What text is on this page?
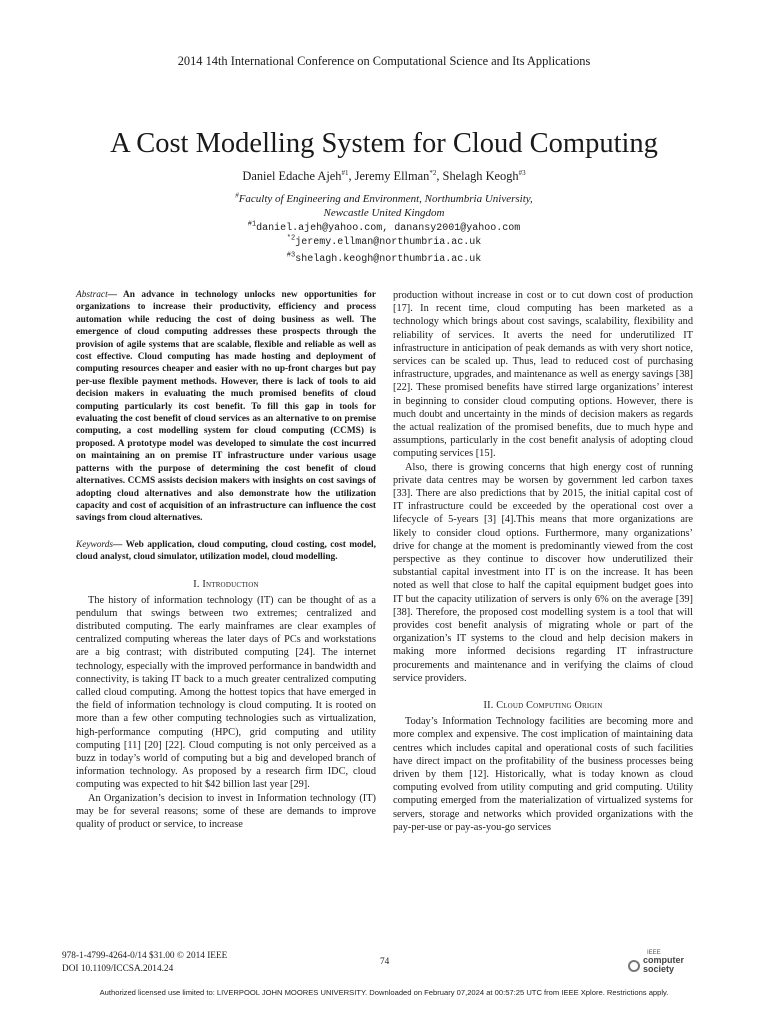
2014 14th International Conference on Computational Science and Its Applications
A Cost Modelling System for Cloud Computing
Daniel Edache Ajeh$^{\#1}$, Jeremy Ellman$^{*2}$, Shelagh Keogh$^{\#3}$
#Faculty of Engineering and Environment, Northumbria University,
Newcastle United Kingdom
$^{\#1}$daniel.ajeh@yahoo.com, danansy2001@yahoo.com
$^{*2}$jeremy.ellman@northumbria.ac.uk
$^{\#3}$shelagh.keogh@northumbria.ac.uk

Abstract— An advance in technology unlocks new opportunities for organizations to increase their productivity, efficiency and process automation while reducing the cost of doing business as well. The emergence of cloud computing addresses these prospects through the provision of agile systems that are scalable, flexible and reliable as well as cost effective. Cloud computing has made hosting and deployment of computing resources cheaper and easier with no up-front charges but pay per-use flexible payment methods. However, there is lack of tools to aid decision makers in evaluating the much promised benefits of cloud computing particularly its cost benefit. To fill this gap in tools for evaluating the cost benefit of cloud services as an alternative to on premise computing, a cost modelling system for cloud computing (CCMS) is proposed. A prototype model was developed to simulate the cost incurred on maintaining an on premise IT infrastructure under various usage patterns with the purpose of determining the cost benefit of cloud alternatives. CCMS assists decision makers with insights on cost savings of adopting cloud alternatives and also demonstrate how the utilization capacity and cost of acquisition of an infrastructure can influence the cost savings from cloud alternatives.

Keywords— Web application, cloud computing, cloud costing, cost model, cloud analyst, cloud simulator, utilization model, cloud modelling.

I. Introduction

The history of information technology (IT) can be thought of as a pendulum that swings between two extremes; centralized and distributed computing. The early mainframes are clear examples of centralized computing whereas the later days of PCs and workstations are a big contrast; with distributed computing [24]. The internet technology, especially with the improved performance in bandwidth and connectivity, is taking IT back to a much greater centralized computing called cloud computing. Among the hottest topics that have emerged in the field of information technology is cloud computing. It is rooted on more than a few other computing technologies such as virtualization, high-performance computing (HPC), grid computing and utility computing [11] [20] [22]. Cloud computing is not only perceived as a buzz in today’s world of computing but a big and developed branch of information technology. As proposed by a research firm IDC, cloud computing was expected to hit $42 billion last year [29].

An Organization’s decision to invest in Information technology (IT) may be for several reasons; some of these are demands to improve quality of product or service, to increase

production without increase in cost or to cut down cost of production [17]. In recent time, cloud computing has been marketed as a technology which brings about cost savings, scalability, flexibility and reliability of services. It averts the need for underutilized IT infrastructure in anticipation of peak demands as with very short notice, services can be scaled up. Thus, lead to reduced cost of purchasing infrastructure, upgrades, and maintenance as well as energy savings [38] [22]. These promised benefits have stirred large organizations’ interest in beginning to consider cloud computing options. However, there is much doubt and uncertainty in the minds of decision makers as regards the actual realization of the promised benefits, due to much hype and assumptions, particularly in the cost benefit analysis of adopting cloud computing services [15].

Also, there is growing concerns that high energy cost of running private data centres may be worsen by government led carbon taxes [33]. There are also predictions that by 2015, the initial capital cost of IT infrastructure could be exceeded by the operational cost over a lifecycle of 5-years [3] [4].This means that more organizations are likely to consider cloud options. Furthermore, many organizations’ drive for change at the moment is predominantly viewed from the cost perspective as they continue to discover how underutilized their substantial capital investment into IT is on the increase. It has been noted as well that close to half the capital equipment budget goes into IT but the capacity utilization of servers is only 6% on the average [39] [38]. Therefore, the proposed cost modelling system is a tool that will provides cost benefit analysis of migrating whole or part of the organization’s IT systems to the cloud and help decision makers in making more informed decisions regarding IT infrastructure procurements and maintenance and in verifying the claims of cloud service providers.

II. Cloud Computing Origin

Today’s Information Technology facilities are becoming more and more complex and expensive. The cost implication of maintaining data centres which includes capital and operational costs of such facilities have direct impact on the profitability of the business processes being driven by them [12]. Historically, what is today known as cloud computing evolved from utility computing and grid computing. Utility computing emerged from the materialization of virtualized systems for servers, storage and networks which provided organizations with the pay-per-use or pay-as-you-go services

978-1-4799-4264-0/14 $31.00 © 2014 IEEE
DOI 10.1109/ICCSA.2014.24
74
IEEE
computer
society
Authorized licensed use limited to: LIVERPOOL JOHN MOORES UNIVERSITY. Downloaded on February 07,2024 at 00:57:25 UTC from IEEE Xplore. Restrictions apply.
